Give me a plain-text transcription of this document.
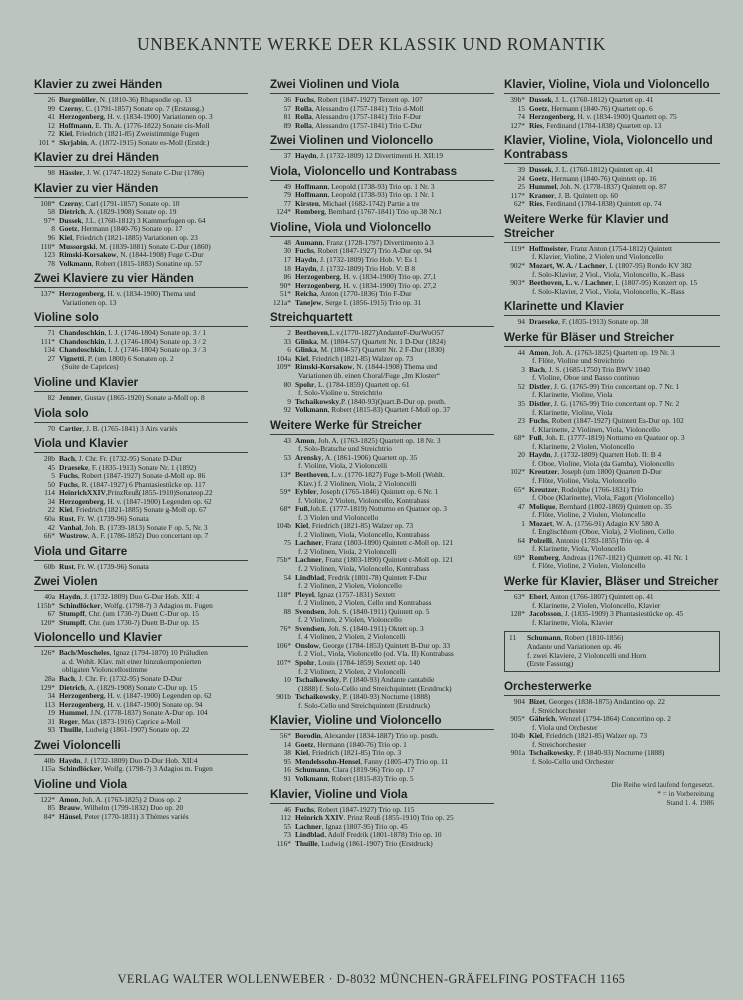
UNBEKANNTE WERKE DER KLASSIK UND ROMANTIK
Klavier zu zwei Händen
26 Burgmüller, N. (1810-36) Rhapsodie op. 13
99 Czerny, C. (1791-1857) Sonate op. 7 (Erstausg.)
41 Herzogenberg, H. v. (1834-1900) Variationen op. 3
12 Hoffmann, E. Th. A. (1776-1822) Sonate cis-Moll
72 Kiel, Friedrich (1821-85) Zweistimmige Fugen
101 * Skrjabin, A. (1872-1915) Sonate es-Moll (Erstdr.)
Klavier zu drei Händen
98 Hässler, J. W. (1747-1822) Sonate C-Dur (1786)
Klavier zu vier Händen
108* Czerny, Carl (1791-1857) Sonate op. 10
58 Dietrich, A. (1829-1908) Sonate op. 19
97* Dussek, J.L. (1760-1812) 3 Kammerfugen op. 64
8 Goetz, Hermann (1840-76) Sonate op. 17
96 Kiel, Friedrich (1821-1885) Variationen op. 23
110* Mussorgski, M. (1839-1881) Sonate C-Dur (1860)
123 Rimski-Korsakow, N. (1844-1908) Fuge C-Dur
78 Volkmann, Robert (1815-1883) Sonatine op. 57
Zwei Klaviere zu vier Händen
137* Herzogenberg, H. v. (1834-1900) Thema und
Variationen op. 13
Violine solo
71 Chandoschkin, I. J. (1746-1804) Sonate op. 3 / 1
111* Chandoschkin, I. J. (1746-1804) Sonate op. 3 / 2
134 Chandoschkin, I. J. (1746-1804) Sonate op. 3 / 3
27 Vignetti, P. (um 1800) 6 Sonaten op. 2
(Suite de Caprices)
Violine und Klavier
82 Jenner, Gustav (1865-1920) Sonate a-Moll op. 8
Viola solo
70 Cartier, J. B. (1765-1841) 3 Airs variés
Viola und Klavier
28b Bach, J. Chr. Fr. (1732-95) Sonate D-Dur
45 Draeseke, F. (1835-1913) Sonate Nr. 1 (1892)
5 Fuchs, Robert (1847-1927) Sonate d-Moll op. 86
50 Fuchs, R. (1847-1927) 6 Phantasiestücke op. 117
114 HeinrichXXIV,PrinzReuß(1855-1910)Sonateop.22
34 Herzogenberg, H. v. (1847-1900) Legenden op. 62
22 Kiel, Friedrich (1821-1885) Sonate g-Moll op. 67
60a Rust, Fr. W. (1739-96) Sonata
42 Vanhal, Joh. B. (1739-1813) Sonate F op. 5, Nr. 3
66* Wustrow, A. F. (1786-1852) Duo concertant op. 7
Viola und Gitarre
60b Rust, Fr. W. (1739-96) Sonata
Zwei Violen
40a Haydn, J. (1732-1809) Duo G-Dur Hob. XII: 4
115b* Schindlöcker, Wolfg. (1798-?) 3 Adagios m. Fugen
67 Stumpff, Chr. (um 1730-?) Duett C-Dur op. 15
120* Stumpff, Chr. (um 1730-?) Duett B-Dur op. 15
Violoncello und Klavier
126* Bach/Moscheles, Ignaz (1794-1870) 10 Präludien
a. d. Wohlt. Klav. mit einer hinzukomponierten
obligaten Violoncellostimme
28a Bach, J. Chr. Fr. (1732-95) Sonate D-Dur
129* Dietrich, A. (1829-1908) Sonate C-Dur op. 15
34 Herzogenberg, H. v. (1847-1900) Legenden op. 62
113 Herzogenberg, H. v. (1847-1900) Sonate op. 94
19 Hummel, J.N. (1778-1837) Sonate A-Dur op. 104
31 Reger, Max (1873-1916) Caprice a-Moll
93 Thuille, Ludwig (1861-1907) Sonate op. 22
Zwei Violoncelli
40b Haydn, J. (1732-1809) Duo D-Dur Hob. XII:4
115a Schindlöcker, Wolfg. (1798-?) 3 Adagios m. Fugen
Violine und Viola
122* Amon, Joh. A. (1763-1825) 2 Duos op. 2
85 Brauw, Wilhelm (1799-1832) Duo op. 20
84* Hänsel, Peter (1770-1831) 3 Thèmes variés
Zwei Violinen und Viola
36 Fuchs, Robert (1847-1927) Terzett op. 107
57 Rolla, Alessandro (1757-1841) Trio d-Moll
81 Rolla, Alessandro (1757-1841) Trio F-Dur
89 Rolla, Alessandro (1757-1841) Trio C-Dur
Zwei Violinen und Violoncello
37 Haydn, J. (1732-1809) 12 Divertimenti H. XII:19
Viola, Violoncello und Kontrabass
49 Hoffmann, Leopold (1738-93) Trio op. 1 Nr. 3
79 Hoffmann, Leopold (1738-93) Trio op. 1 Nr. 1
77 Kirsten, Michael (1682-1742) Partie a tre
124* Romberg, Bernhard (1767-1841) Trio op.38 Nr.1
Violine, Viola und Violoncello
48 Aumann, Franz (1728-1797) Divertimento à 3
30 Fuchs, Robert (1847-1927) Trio A-Dur op. 94
17 Haydn, J. (1732-1809) Trio Hob. V: Es 1
18 Haydn, J. (1732-1809) Trio Hob. V: B 8
86 Herzogenberg, H. v. (1834-1900) Trio op. 27,1
90* Herzogenberg, H. v. (1834-1900) Trio op. 27,2
51* Reicha, Anton (1770-1836) Trio F-Dur
121a* Tanejew, Serge I. (1856-1915) Trio op. 31
Streichquartett
2 Beethoven,L.v.(1770-1827)AndanteF-DurWoO57
33 Glinka, M. (1804-57) Quartett Nr. 1 D-Dur (1824)
6 Glinka, M. (1804-57) Quartett Nr. 2 F-Dur (1830)
104a Kiel, Friedrich (1821-85) Walzer op. 73
109* Rimski-Korsakow, N. (1844-1908) Thema und
Variationen üb. einen Choral/Fuge „Im Kloster“
80 Spohr, L. (1784-1859) Quartett op. 61
f. Solo-Violine u. Streichtrio
9 Tschaikowsky,P. (1840-93)Quart.B-Dur op. posth.
92 Volkmann, Robert (1815-83) Quartett f-Moll op. 37
Weitere Werke für Streicher
43 Amon, Joh. A. (1763-1825) Quartett op. 18 Nr. 3
f. Solo-Bratsche und Streichtrio
53 Arensky, A. (1861-1906) Quartett op. 35
f. Violine, Viola, 2 Violoncelli
13* Beethoven, L.v. (1770-1827) Fuge b-Moll (Wohlt.
Klav.) f. 2 Violinen, Viola, 2 Violoncelli
59* Eybler, Joseph (1765-1846) Quintett op. 6 Nr. 1
f. Violine, 2 Violen, Violoncello, Kontrabass
68* Fuß,Joh.E. (1777-1819) Notturno en Quatuor op. 3
f. 3 Violen und Violoncello
104b Kiel, Friedrich (1821-85) Walzer op. 73
f. 2 Violinen, Viola, Violoncello, Kontrabass
75 Lachner, Franz (1803-1890) Quintett c-Moll op. 121
f. 2 Violinen, Viola, 2 Violoncelli
75b* Lachner, Franz (1803-1890) Quintett c-Moll op. 121
f. 2 Violinen, Viola, Violoncello, Kontrabass
54 Lindblad, Fredrik (1801-78) Quintett F-Dur
f. 2 Violinen, 2 Violen, Violoncello
118* Pleyel, Ignaz (1757-1831) Sextett
f. 2 Violinen, 2 Violen, Cello und Kontrabass
88 Svendsen, Joh. S. (1840-1911) Quintett op. 5
f. 2 Violinen, 2 Violen, Violoncello
76* Svendsen, Joh. S. (1840-1911) Oktett op. 3
f. 4 Violinen, 2 Violen, 2 Violoncelli
106* Onslow, George (1784-1853) Quintett B-Dur op. 33
f. 2 Viol., Viola, Violoncello (od. Vla. II) Kontrabass
107* Spohr, Louis (1784-1859) Sextett op. 140
f. 2 Violinen, 2 Violen, 2 Violoncelli
10 Tschaikowsky, P. (1840-93) Andante cantabile
(1888) f. Solo-Cello und Streichquintett (Erstdruck)
901b Tschaikowsky, P. (1840-93) Nocturne (1888)
f. Solo-Cello und Streichquintett (Erstdruck)
Klavier, Violine und Violoncello
56* Borodin, Alexander (1834-1887) Trio op. posth.
14 Goetz, Hermann (1840-76) Trio op. 1
38 Kiel, Friedrich (1821-85) Trio op. 3
95 Mendelssohn-Hensel, Fanny (1805-47) Trio op. 11
16 Schumann, Clara (1819-96) Trio op. 17
91 Volkmann, Robert (1815-83) Trio op. 5
Klavier, Violine und Viola
46 Fuchs, Robert (1847-1927) Trio op. 115
112 Heinrich XXIV. Prinz Reuß (1855-1910) Trio op. 25
55 Lachner, Ignaz (1807-95) Trio op. 45
73 Lindblad, Adolf Fredrik (1801-1878) Trio op. 10
116* Thuille, Ludwig (1861-1907) Trio (Erstdruck)
Klavier, Violine, Viola und Violoncello
39b* Dussek, J. L. (1760-1812) Quartett op. 41
15 Goetz, Hermann (1840-76) Quartett op. 6
74 Herzogenberg, H. v. (1834-1900) Quartett op. 75
127* Ries, Ferdinand (1784-1838) Quartett op. 13
Klavier, Violine, Viola, Violoncello und Kontrabass
39 Dussek, J. L. (1760-1812) Quintett op. 41
24 Goetz, Hermann (1840-76) Quintett op. 16
25 Hummel, Joh. N. (1778-1837) Quintett op. 87
117* Kramer, J. B. Quintett op. 60
62* Ries, Ferdinand (1784-1838) Quintett op. 74
Weitere Werke für Klavier und Streicher
119* Hoffmeister, Franz Anton (1754-1812) Quintett
f. Klavier, Violine, 2 Violen und Violoncello
902* Mozart, W. A. / Lachner, I. (1807-95) Rondo KV 382
f. Solo-Klavier, 2 Viol., Viola, Violoncello, K.-Bass
903* Beethoven, L. v. / Lachner, I. (1807-95) Konzert op. 15
f. Solo-Klavier, 2 Viol., Viola, Violoncello, K.-Bass
Klarinette und Klavier
94 Draeseke, F. (1835-1913) Sonate op. 38
Werke für Bläser und Streicher
44 Amon, Joh. A. (1763-1825) Quartett op. 19 Nr. 3
f. Flöte, Violine und Streichtrio
3 Bach, J. S. (1685-1750) Trio BWV 1040
f. Violine, Oboe und Basso continuo
52 Distler, J. G. (1765-99) Trio concertant op. 7 Nr. 1
f. Klarinette, Violine, Viola
35 Distler, J. G. (1765-99) Trio concertant op. 7 Nr. 2
f. Klarinette, Violine, Viola
23 Fuchs, Robert (1847-1927) Quintett Es-Dur op. 102
f. Klarinette, 2 Violinen, Viola, Violoncello
68* Fuß, Joh. E. (1777-1819) Notturno en Quatuor op. 3
f. Klarinette, 2 Violen, Violoncello
20 Haydn, J. (1732-1809) Quartett Hob. II: B 4
f. Oboe, Violine, Viola (da Gamba), Violoncello
102* Kreutzer, Joseph (um 1800) Quartett D-Dur
f. Flöte, Violine, Viola, Violoncello
65* Kreutzer, Rodolphe (1766-1831) Trio
f. Oboe (Klarinette), Viola, Fagott (Violoncello)
47 Molique, Bernhard (1802-1869) Quintett op. 35
f. Flöte, Violine, 2 Violen, Violoncello
1 Mozart, W. A. (1756-91) Adagio KV 580 A
f. Englischhorn (Oboe, Viola), 2 Violinen, Cello
64 Polzelli, Antonio (1783-1855) Trio op. 4
f. Klarinette, Viola, Violoncello
69* Romberg, Andreas (1767-1821) Quintett op. 41 Nr. 1
f. Flöte, Violine, 2 Violen, Violoncello
Werke für Klavier, Bläser und Streicher
63* Eberl, Anton (1766-1807) Quintett op. 41
f. Klarinette, 2 Violen, Violoncello, Klavier
128* Jacobsson, J. (1835-1909) 3 Phantasiestücke op. 45
f. Klarinette, Viola, Klavier
11	Schumann, Robert (1810-1856)
Andante und Variationen op. 46
f. zwei Klaviere, 2 Violoncelli und Horn
(Erste Fassung)
Orchesterwerke
904 Bizet, Georges (1838-1875) Andantino op. 22
f. Streichorchester
905* Gährich, Wenzel (1794-1864) Concertino op. 2
f. Viola und Orchester
104b Kiel, Friedrich (1821-85) Walzer op. 73
f. Streichorchester
901a Tschaikowsky, P. (1840-93) Nocturne (1888)
f. Solo-Cello und Orchester
Die Reihe wird laufend fortgesetzt.
* = in Vorbereitung
Stand 1. 4. 1986
VERLAG WALTER WOLLENWEBER · D-8032 MÜNCHEN-GRÄFELFING POSTFACH 1165
